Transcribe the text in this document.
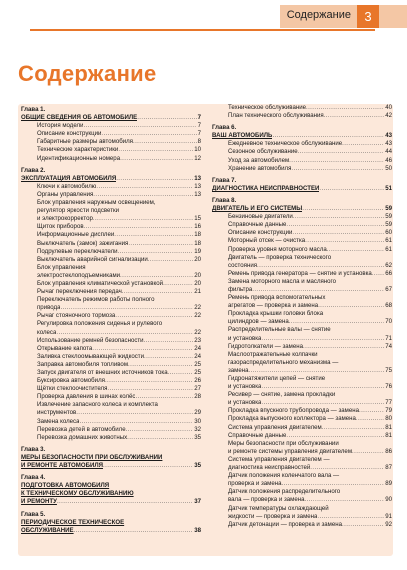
Содержание	3
Содержание
Глава 1.
ОБЩИЕ СВЕДЕНИЯ ОБ АВТОМОБИЛЕ .....	7
История модели .....	7
Описание конструкции .....	7
Габаритные размеры автомобиля .....	8
Технические характеристики .....	10
Идентификационные номера .....	12
Глава 2.
ЭКСПЛУАТАЦИЯ АВТОМОБИЛЯ .....	13
Ключи к автомобилю .....	13
Органы управления .....	13
Блок управления наружным освещением,
регулятор яркости подсветки
и электрокорректор .....	15
Щиток приборов .....	16
Информационные дисплеи .....	18
Выключатель (замок) зажигания .....	18
Подрулевые переключатели .....	19
Выключатель аварийной сигнализации .....	20
Блок управления
электростеклоподъемниками .....	20
Блок управления климатической установкой .....	20
Рычаг переключения передач .....	21
Переключатель режимов работы полного
привода .....	22
Рычаг стояночного тормоза .....	22
Регулировка положения сиденья и рулевого
колеса .....	22
Использование ремней безопасности .....	23
Открывание капота .....	24
Заливка стеклоомывающей жидкости .....	24
Заправка автомобиля топливом .....	25
Запуск двигателя от внешних источников тока .....	25
Буксировка автомобиля .....	26
Щётки стеклоочистителя .....	27
Проверка давления в шинах колёс .....	28
Извлечение запасного колеса и комплекта
инструментов .....	29
Замена колеса .....	30
Перевозка детей в автомобиле .....	32
Перевозка домашних животных .....	35
Глава 3.
МЕРЫ БЕЗОПАСНОСТИ ПРИ ОБСЛУЖИВАНИИ
И РЕМОНТЕ АВТОМОБИЛЯ .....	35
Глава 4.
ПОДГОТОВКА АВТОМОБИЛЯ
К ТЕХНИЧЕСКОМУ ОБСЛУЖИВАНИЮ
И РЕМОНТУ .....	37
Глава 5.
ПЕРИОДИЧЕСКОЕ ТЕХНИЧЕСКОЕ
ОБСЛУЖИВАНИЕ .....	38
Техническое обслуживание .....	40
План технического обслуживания .....	42
Глава 6.
ВАШ АВТОМОБИЛЬ .....	43
Ежедневное техническое обслуживание .....	43
Сезонное обслуживание .....	44
Уход за автомобилем .....	46
Хранение автомобиля .....	50
Глава 7.
ДИАГНОСТИКА НЕИСПРАВНОСТЕЙ .....	51
Глава 8.
ДВИГАТЕЛЬ И ЕГО СИСТЕМЫ .....	59
Бензиновые двигатели .....	59
Справочные данные .....	59
Описание конструкции .....	60
Моторный отсек — очистка .....	61
Проверка уровня моторного масла .....	61
Двигатель — проверка технического
состояния .....	62
Ремень привода генератора — снятие и установка ..... 66
Замена моторного масла и масляного
фильтра .....	67
Ремень привода вспомогательных
агрегатов — проверка и замена .....	68
Прокладка крышки головки блока
цилиндров — замена .....	70
Распределительные валы — снятие
и установка .....	71
Гидротолкатели — замена .....	74
Маслоотражательные колпачки
газораспределительного механизма —
замена .....	75
Гидронатяжители цепей — снятие
и установка .....	76
Ресивер — снятие, замена прокладки
и установка .....	77
Прокладка впускного трубопровода — замена .....	79
Прокладка выпускного коллектора — замена .....	80
Система управления двигателем .....	81
Справочные данные .....	81
Меры безопасности при обслуживании
и ремонте системы управления двигателем .....	86
Система управления двигателем —
диагностика неисправностей .....	87
Датчик положения коленчатого вала —
проверка и замена .....	89
Датчик положения распределительного
вала — проверка и замена .....	90
Датчик температуры охлаждающей
жидкости — проверка и замена .....	91
Датчик детонации — проверка и замена .....	92
